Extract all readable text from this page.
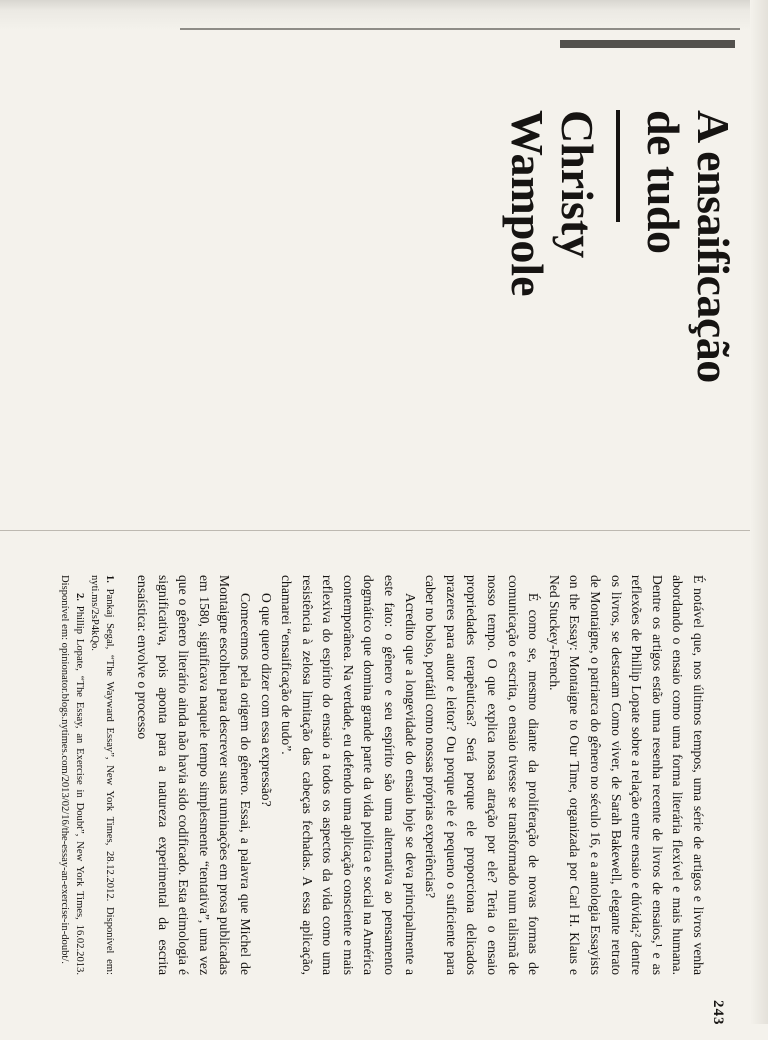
A ensaificação
de tudo
Christy
Wampole

É notável que, nos últimos tempos, uma série de artigos e livros venha abordando o ensaio como uma forma literária flexível e mais humana. Dentre os artigos estão uma resenha recente de livros de ensaios,¹ e as reflexões de Phillip Lopate sobre a relação entre ensaio e dúvida;² dentre os livros, se destacam Como viver, de Sarah Bakewell, elegante retrato de Montaigne, o patriarca do gênero no século 16, e a antologia Essayists on the Essay: Montaigne to Our Time, organizada por Carl H. Klaus e Ned Stuckey-French.

É como se, mesmo diante da proliferação de novas formas de comunicação e escrita, o ensaio tivesse se transformado num talismã de nosso tempo. O que explica nossa atração por ele? Teria o ensaio propriedades terapêuticas? Será porque ele proporciona delicados prazeres para autor e leitor? Ou porque ele é pequeno o suficiente para caber no bolso, portátil como nossas próprias experiências?

Acredito que a longevidade do ensaio hoje se deva principalmente a este fato: o gênero e seu espírito são uma alternativa ao pensamento dogmático que domina grande parte da vida política e social na América contemporânea. Na verdade, eu defendo uma aplicação consciente e mais reflexiva do espírito do ensaio a todos os aspectos da vida como uma resistência à zelosa limitação das cabeças fechadas. A essa aplicação, chamarei “ensaificação de tudo”.

O que quero dizer com essa expressão?

Comecemos pela origem do gênero. Essai, a palavra que Michel de Montaigne escolheu para descrever suas ruminações em prosa publicadas em 1580, significava naquele tempo simplesmente “tentativa”, uma vez que o gênero literário ainda não havia sido codificado. Esta etimologia é significativa, pois aponta para a natureza experimental da escrita ensaística: envolve o processo

1. Pankaj Segal, “The Wayward Essay”, New York Times, 28.12.2012. Disponível em: nyti.ms/2sP4kQo.

2. Phillip Lopate, “The Essay, an Exercise in Doubt”, New York Times, 16.02.2013. Disponível em: opinionator.blogs.nytimes.com/2013/02/16/the-essay-an-exercise-in-doubt/.

243
